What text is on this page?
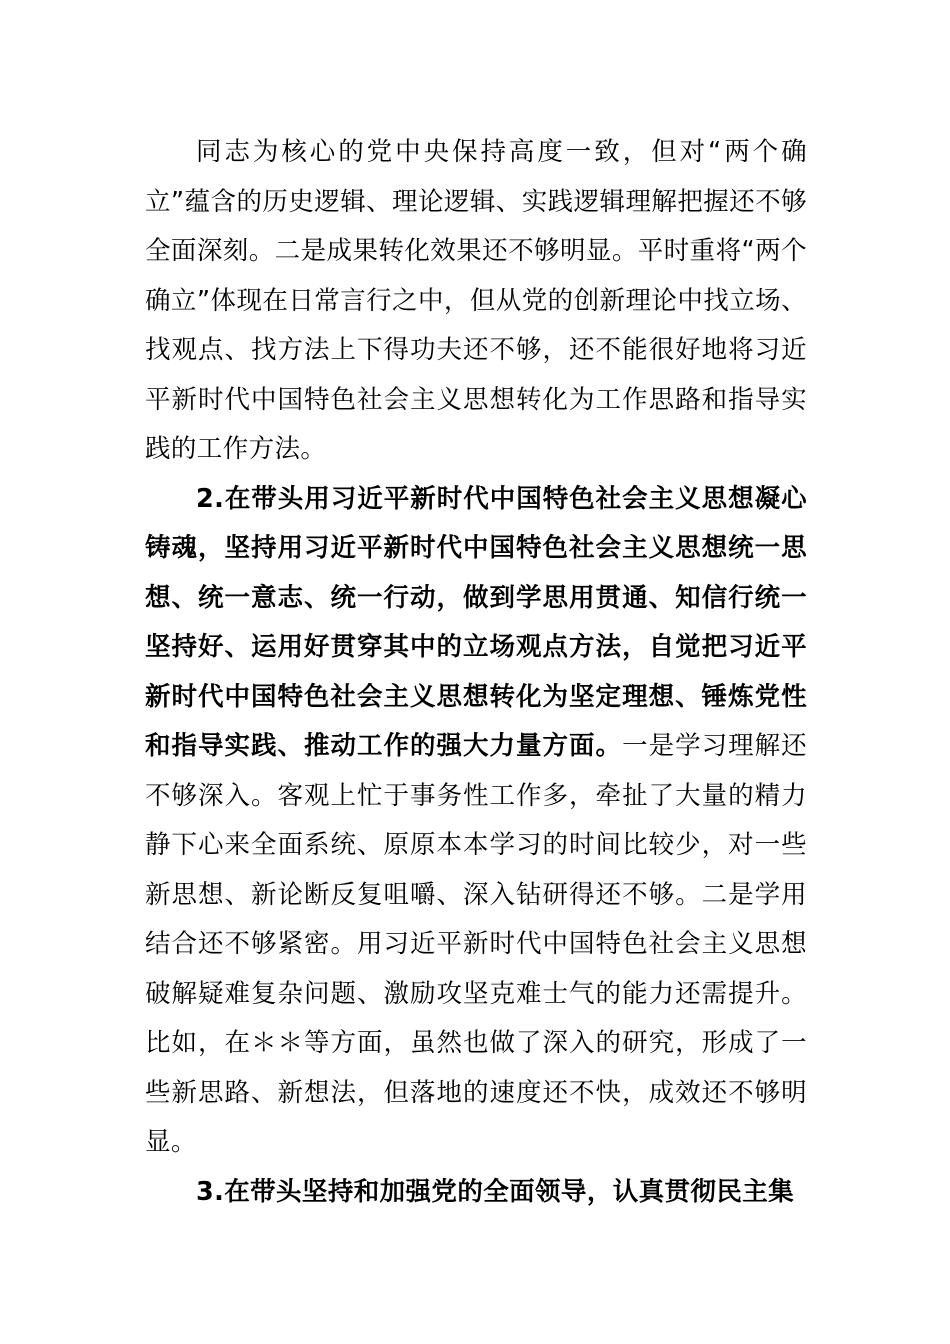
同志为核心的党中央保持高度一致，但对“两个确立”蕴含的历史逻辑、理论逻辑、实践逻辑理解把握还不够全面深刻。二是成果转化效果还不够明显。平时重将“两个确立”体现在日常言行之中，但从党的创新理论中找立场、找观点、找方法上下得功夫还不够，还不能很好地将习近平新时代中国特色社会主义思想转化为工作思路和指导实践的工作方法。

2.在带头用习近平新时代中国特色社会主义思想凝心铸魂，坚持用习近平新时代中国特色社会主义思想统一思想、统一意志、统一行动，做到学思用贯通、知信行统一坚持好、运用好贯穿其中的立场观点方法，自觉把习近平新时代中国特色社会主义思想转化为坚定理想、锤炼党性和指导实践、推动工作的强大力量方面。一是学习理解还不够深入。客观上忙于事务性工作多，牵扯了大量的精力静下心来全面系统、原原本本学习的时间比较少，对一些新思想、新论断反复咀嚼、深入钻研得还不够。二是学用结合还不够紧密。用习近平新时代中国特色社会主义思想破解疑难复杂问题、激励攻坚克难士气的能力还需提升。比如，在＊＊等方面，虽然也做了深入的研究，形成了一些新思路、新想法，但落地的速度还不快，成效还不够明显。

3.在带头坚持和加强党的全面领导，认真贯彻民主集
